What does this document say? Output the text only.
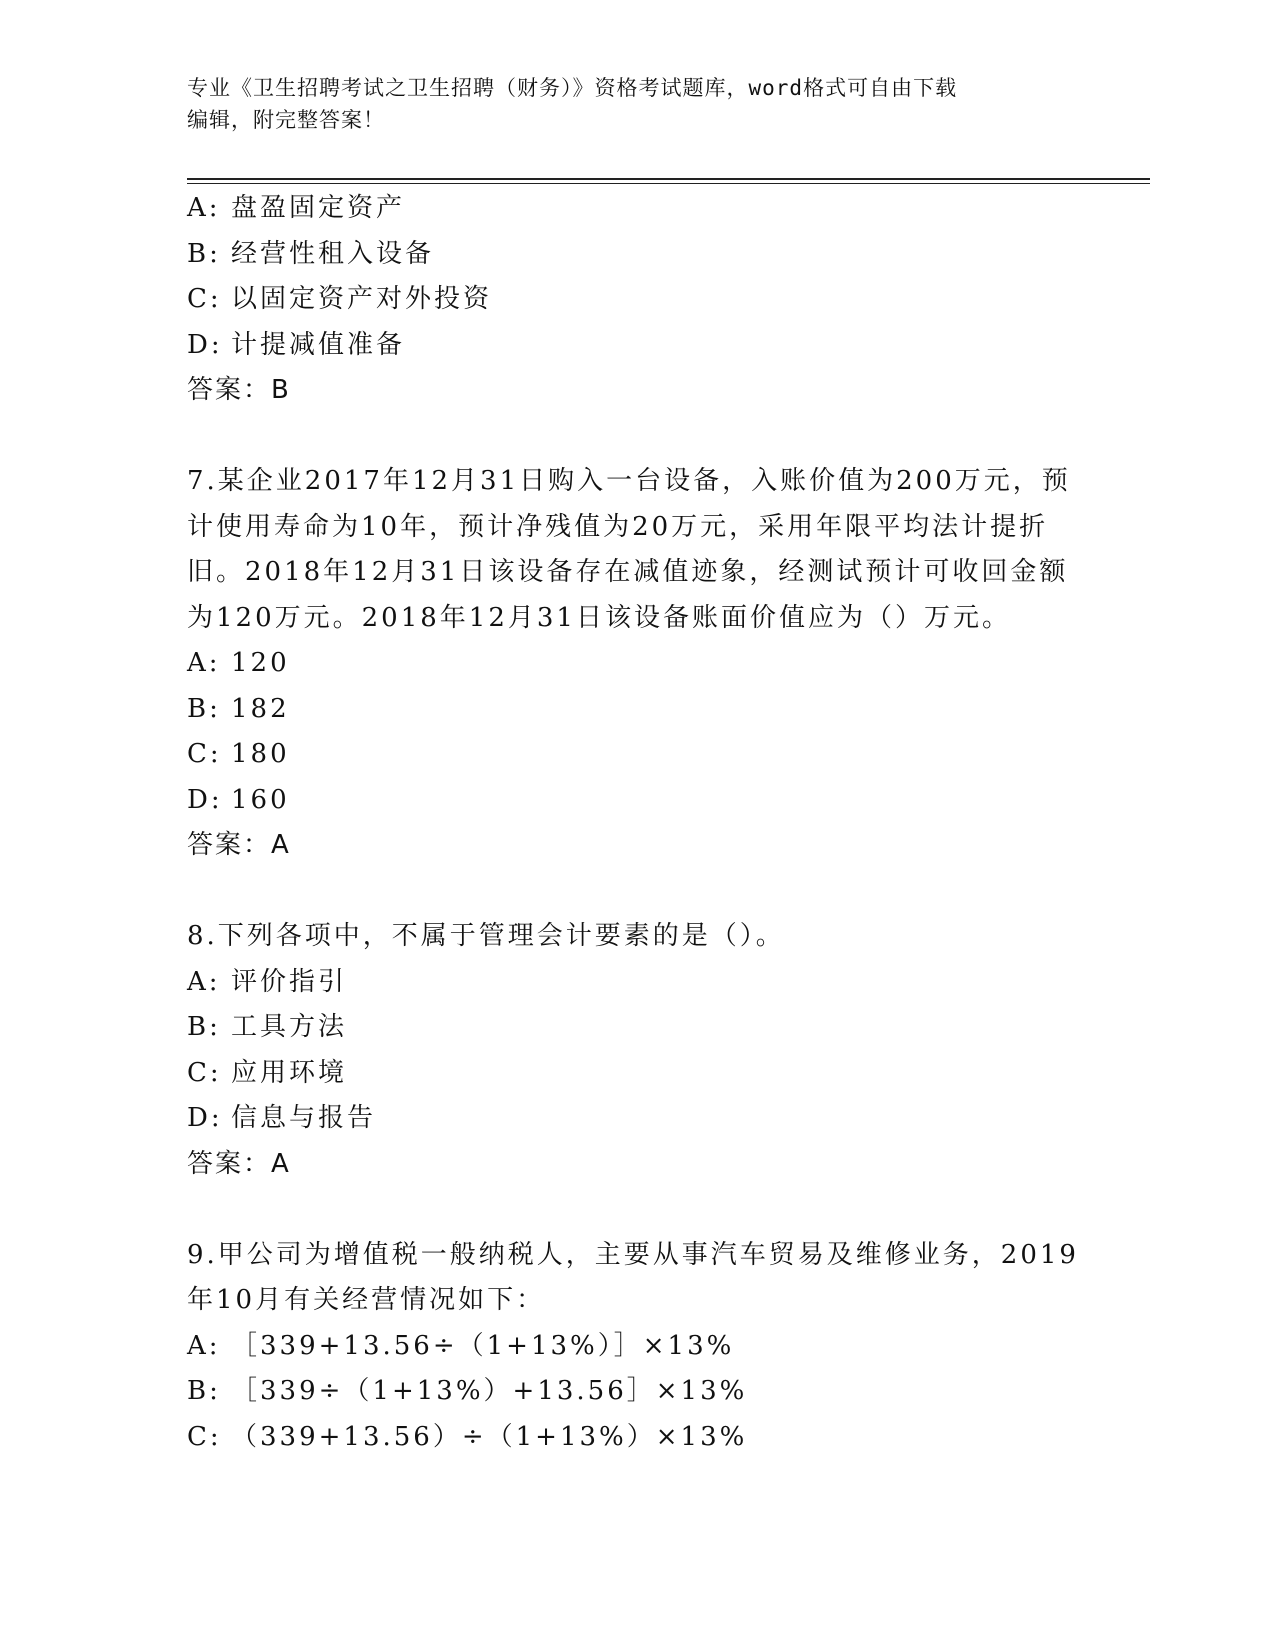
专业《卫生招聘考试之卫生招聘（财务）》资格考试题库，word格式可自由下载
编辑，附完整答案！
A: 盘盈固定资产
B: 经营性租入设备
C: 以固定资产对外投资
D: 计提减值准备
答案：B
7.某企业2017年12月31日购入一台设备，入账价值为200万元，预
计使用寿命为10年，预计净残值为20万元，采用年限平均法计提折
旧。2018年12月31日该设备存在减值迹象，经测试预计可收回金额
为120万元。2018年12月31日该设备账面价值应为（）万元。
A: 120
B: 182
C: 180
D: 160
答案：A
8.下列各项中，不属于管理会计要素的是（）。
A: 评价指引
B: 工具方法
C: 应用环境
D: 信息与报告
答案：A
9.甲公司为增值税一般纳税人，主要从事汽车贸易及维修业务，2019
年10月有关经营情况如下：
A: ［339+13.56÷（1+13%）］×13%
B: ［339÷（1+13%）+13.56］×13%
C: （339+13.56）÷（1+13%）×13%
